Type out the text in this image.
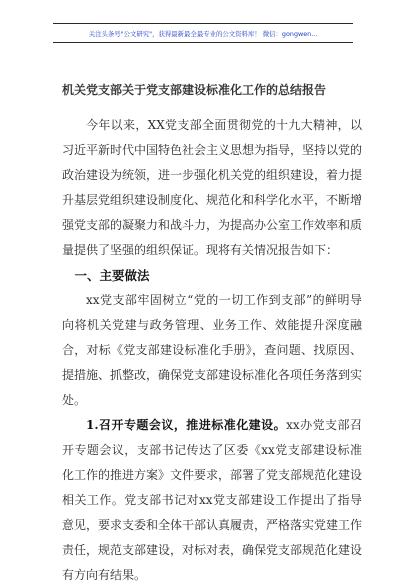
关注头条号"公文研究"，获得最新最全最专业的公文资料库！ 微信：gongwen...
机关党支部关于党支部建设标准化工作的总结报告

今年以来，XX党支部全面贯彻党的十九大精神，以习近平新时代中国特色社会主义思想为指导，坚持以党的政治建设为统领，进一步强化机关党的组织建设，着力提升基层党组织建设制度化、规范化和科学化水平，不断增强党支部的凝聚力和战斗力，为提高办公室工作效率和质量提供了坚强的组织保证。现将有关情况报告如下：

一、主要做法

xx党支部牢固树立“党的一切工作到支部”的鲜明导向将机关党建与政务管理、业务工作、效能提升深度融合，对标《党支部建设标准化手册》，查问题、找原因、提措施、抓整改，确保党支部建设标准化各项任务落到实处。

1.召开专题会议，推进标准化建设。xx办党支部召开专题会议，支部书记传达了区委《xx党支部建设标准化工作的推进方案》文件要求，部署了党支部规范化建设相关工作。党支部书记对xx党支部建设工作提出了指导意见，要求支委和全体干部认真履责，严格落实党建工作责任，规范支部建设，对标对表，确保党支部规范化建设有方向有结果。
